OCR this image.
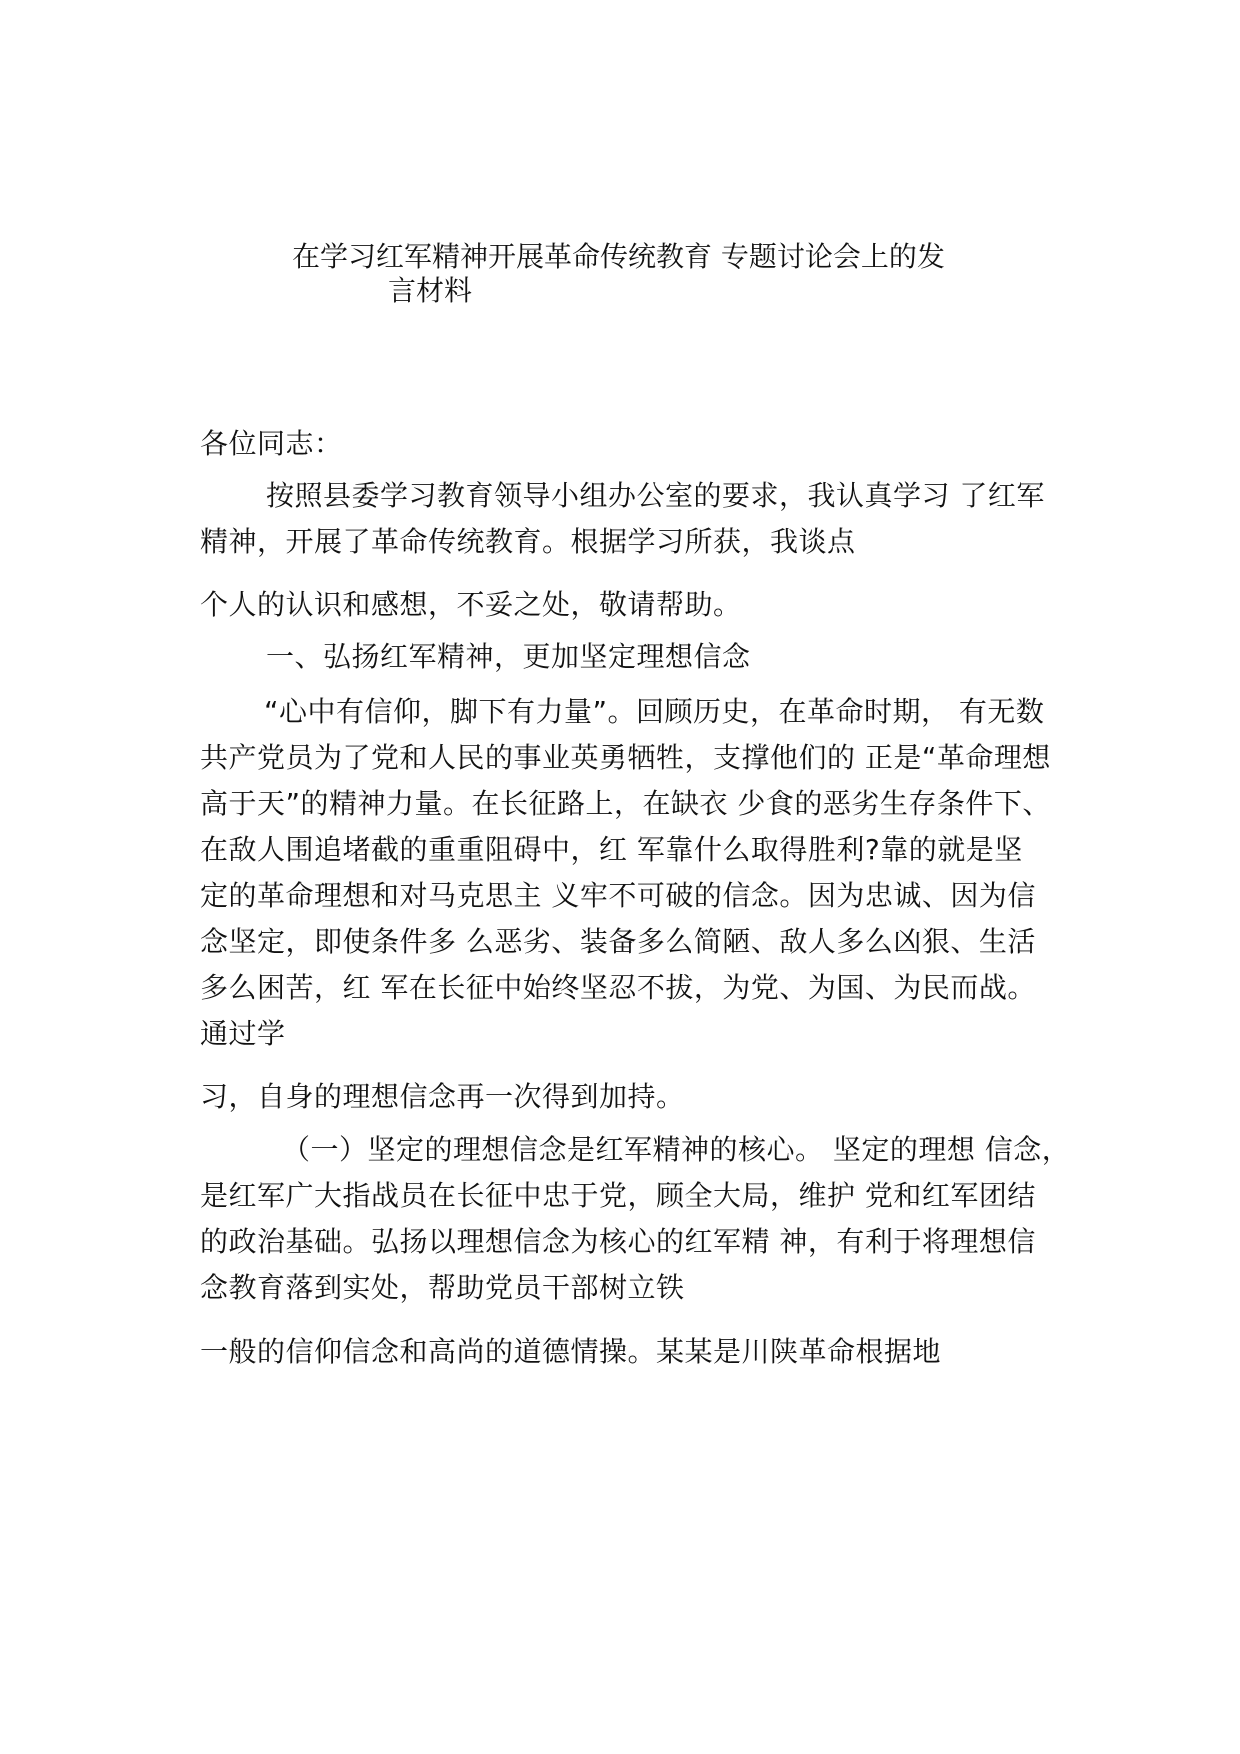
在学习红军精神开展革命传统教育 专题讨论会上的发
言材料
各位同志：
按照县委学习教育领导小组办公室的要求，我认真学习 了红军
精神，开展了革命传统教育。根据学习所获，我谈点
个人的认识和感想，不妥之处，敬请帮助。
一、弘扬红军精神，更加坚定理想信念
“心中有信仰，脚下有力量”。回顾历史，在革命时期， 有无数
共产党员为了党和人民的事业英勇牺牲，支撑他们的 正是“革命理想
高于天”的精神力量。在长征路上，在缺衣 少食的恶劣生存条件下、
在敌人围追堵截的重重阻碍中，红 军靠什么取得胜利?靠的就是坚
定的革命理想和对马克思主 义牢不可破的信念。因为忠诚、因为信
念坚定，即使条件多 么恶劣、装备多么简陋、敌人多么凶狠、生活
多么困苦，红 军在长征中始终坚忍不拔，为党、为国、为民而战。
通过学
习，自身的理想信念再一次得到加持。
（一）坚定的理想信念是红军精神的核心。 坚定的理想 信念，
是红军广大指战员在长征中忠于党，顾全大局，维护 党和红军团结
的政治基础。弘扬以理想信念为核心的红军精 神，有利于将理想信
念教育落到实处，帮助党员干部树立铁
一般的信仰信念和高尚的道德情操。某某是川陕革命根据地
